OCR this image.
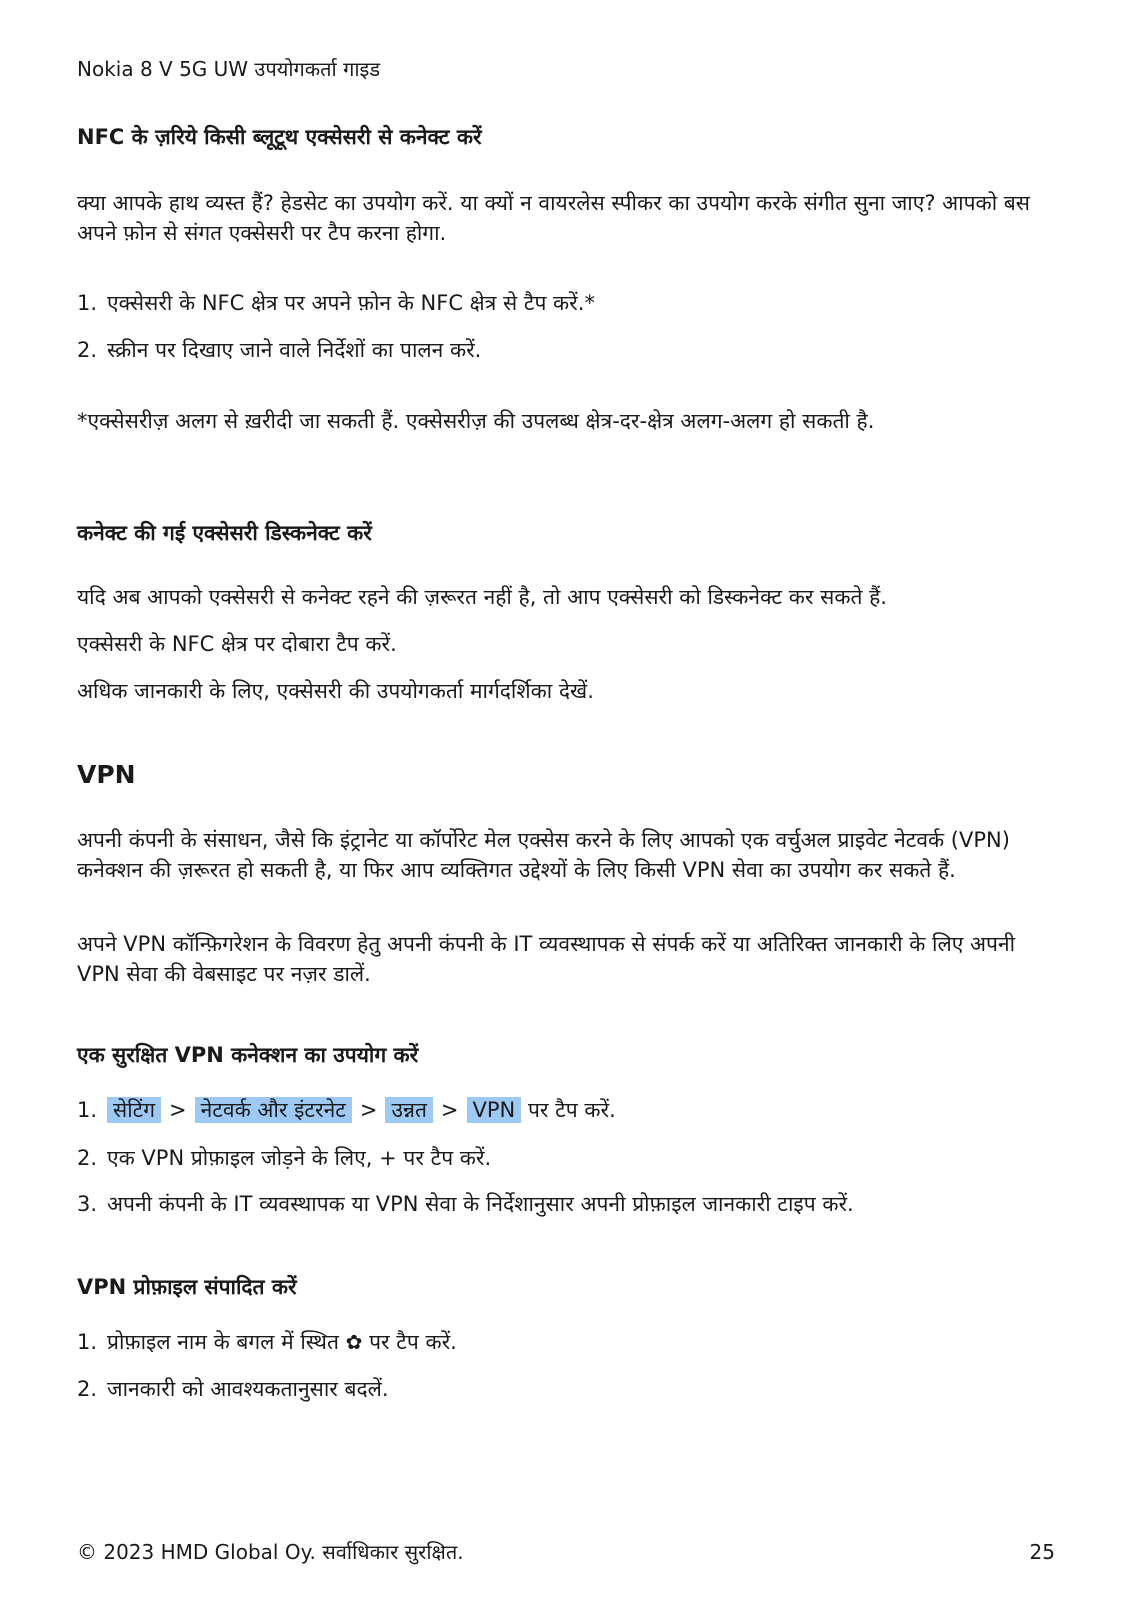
Nokia 8 V 5G UW उपयोगकर्ता गाइड
NFC के ज़रिये किसी ब्लूटूथ एक्सेसरी से कनेक्ट करें
क्या आपके हाथ व्यस्त हैं? हेडसेट का उपयोग करें. या क्यों न वायरलेस स्पीकर का उपयोग करके संगीत सुना जाए? आपको बस अपने फ़ोन से संगत एक्सेसरी पर टैप करना होगा.
1. एक्सेसरी के NFC क्षेत्र पर अपने फ़ोन के NFC क्षेत्र से टैप करें.*
2. स्क्रीन पर दिखाए जाने वाले निर्देशों का पालन करें.
*एक्सेसरीज़ अलग से ख़रीदी जा सकती हैं. एक्सेसरीज़ की उपलब्ध क्षेत्र-दर-क्षेत्र अलग-अलग हो सकती है.
कनेक्ट की गई एक्सेसरी डिस्कनेक्ट करें
यदि अब आपको एक्सेसरी से कनेक्ट रहने की ज़रूरत नहीं है, तो आप एक्सेसरी को डिस्कनेक्ट कर सकते हैं.
एक्सेसरी के NFC क्षेत्र पर दोबारा टैप करें.
अधिक जानकारी के लिए, एक्सेसरी की उपयोगकर्ता मार्गदर्शिका देखें.
VPN
अपनी कंपनी के संसाधन, जैसे कि इंट्रानेट या कॉर्पोरेट मेल एक्सेस करने के लिए आपको एक वर्चुअल प्राइवेट नेटवर्क (VPN) कनेक्शन की ज़रूरत हो सकती है, या फिर आप व्यक्तिगत उद्देश्यों के लिए किसी VPN सेवा का उपयोग कर सकते हैं.
अपने VPN कॉन्फ़िगरेशन के विवरण हेतु अपनी कंपनी के IT व्यवस्थापक से संपर्क करें या अतिरिक्त जानकारी के लिए अपनी VPN सेवा की वेबसाइट पर नज़र डालें.
एक सुरक्षित VPN कनेक्शन का उपयोग करें
1. सेटिंग > नेटवर्क और इंटरनेट > उन्नत > VPN पर टैप करें.
2. एक VPN प्रोफ़ाइल जोड़ने के लिए, + पर टैप करें.
3. अपनी कंपनी के IT व्यवस्थापक या VPN सेवा के निर्देशानुसार अपनी प्रोफ़ाइल जानकारी टाइप करें.
VPN प्रोफ़ाइल संपादित करें
1. प्रोफ़ाइल नाम के बगल में स्थित ✿ पर टैप करें.
2. जानकारी को आवश्यकतानुसार बदलें.
© 2023 HMD Global Oy. सर्वाधिकार सुरक्षित.	25
